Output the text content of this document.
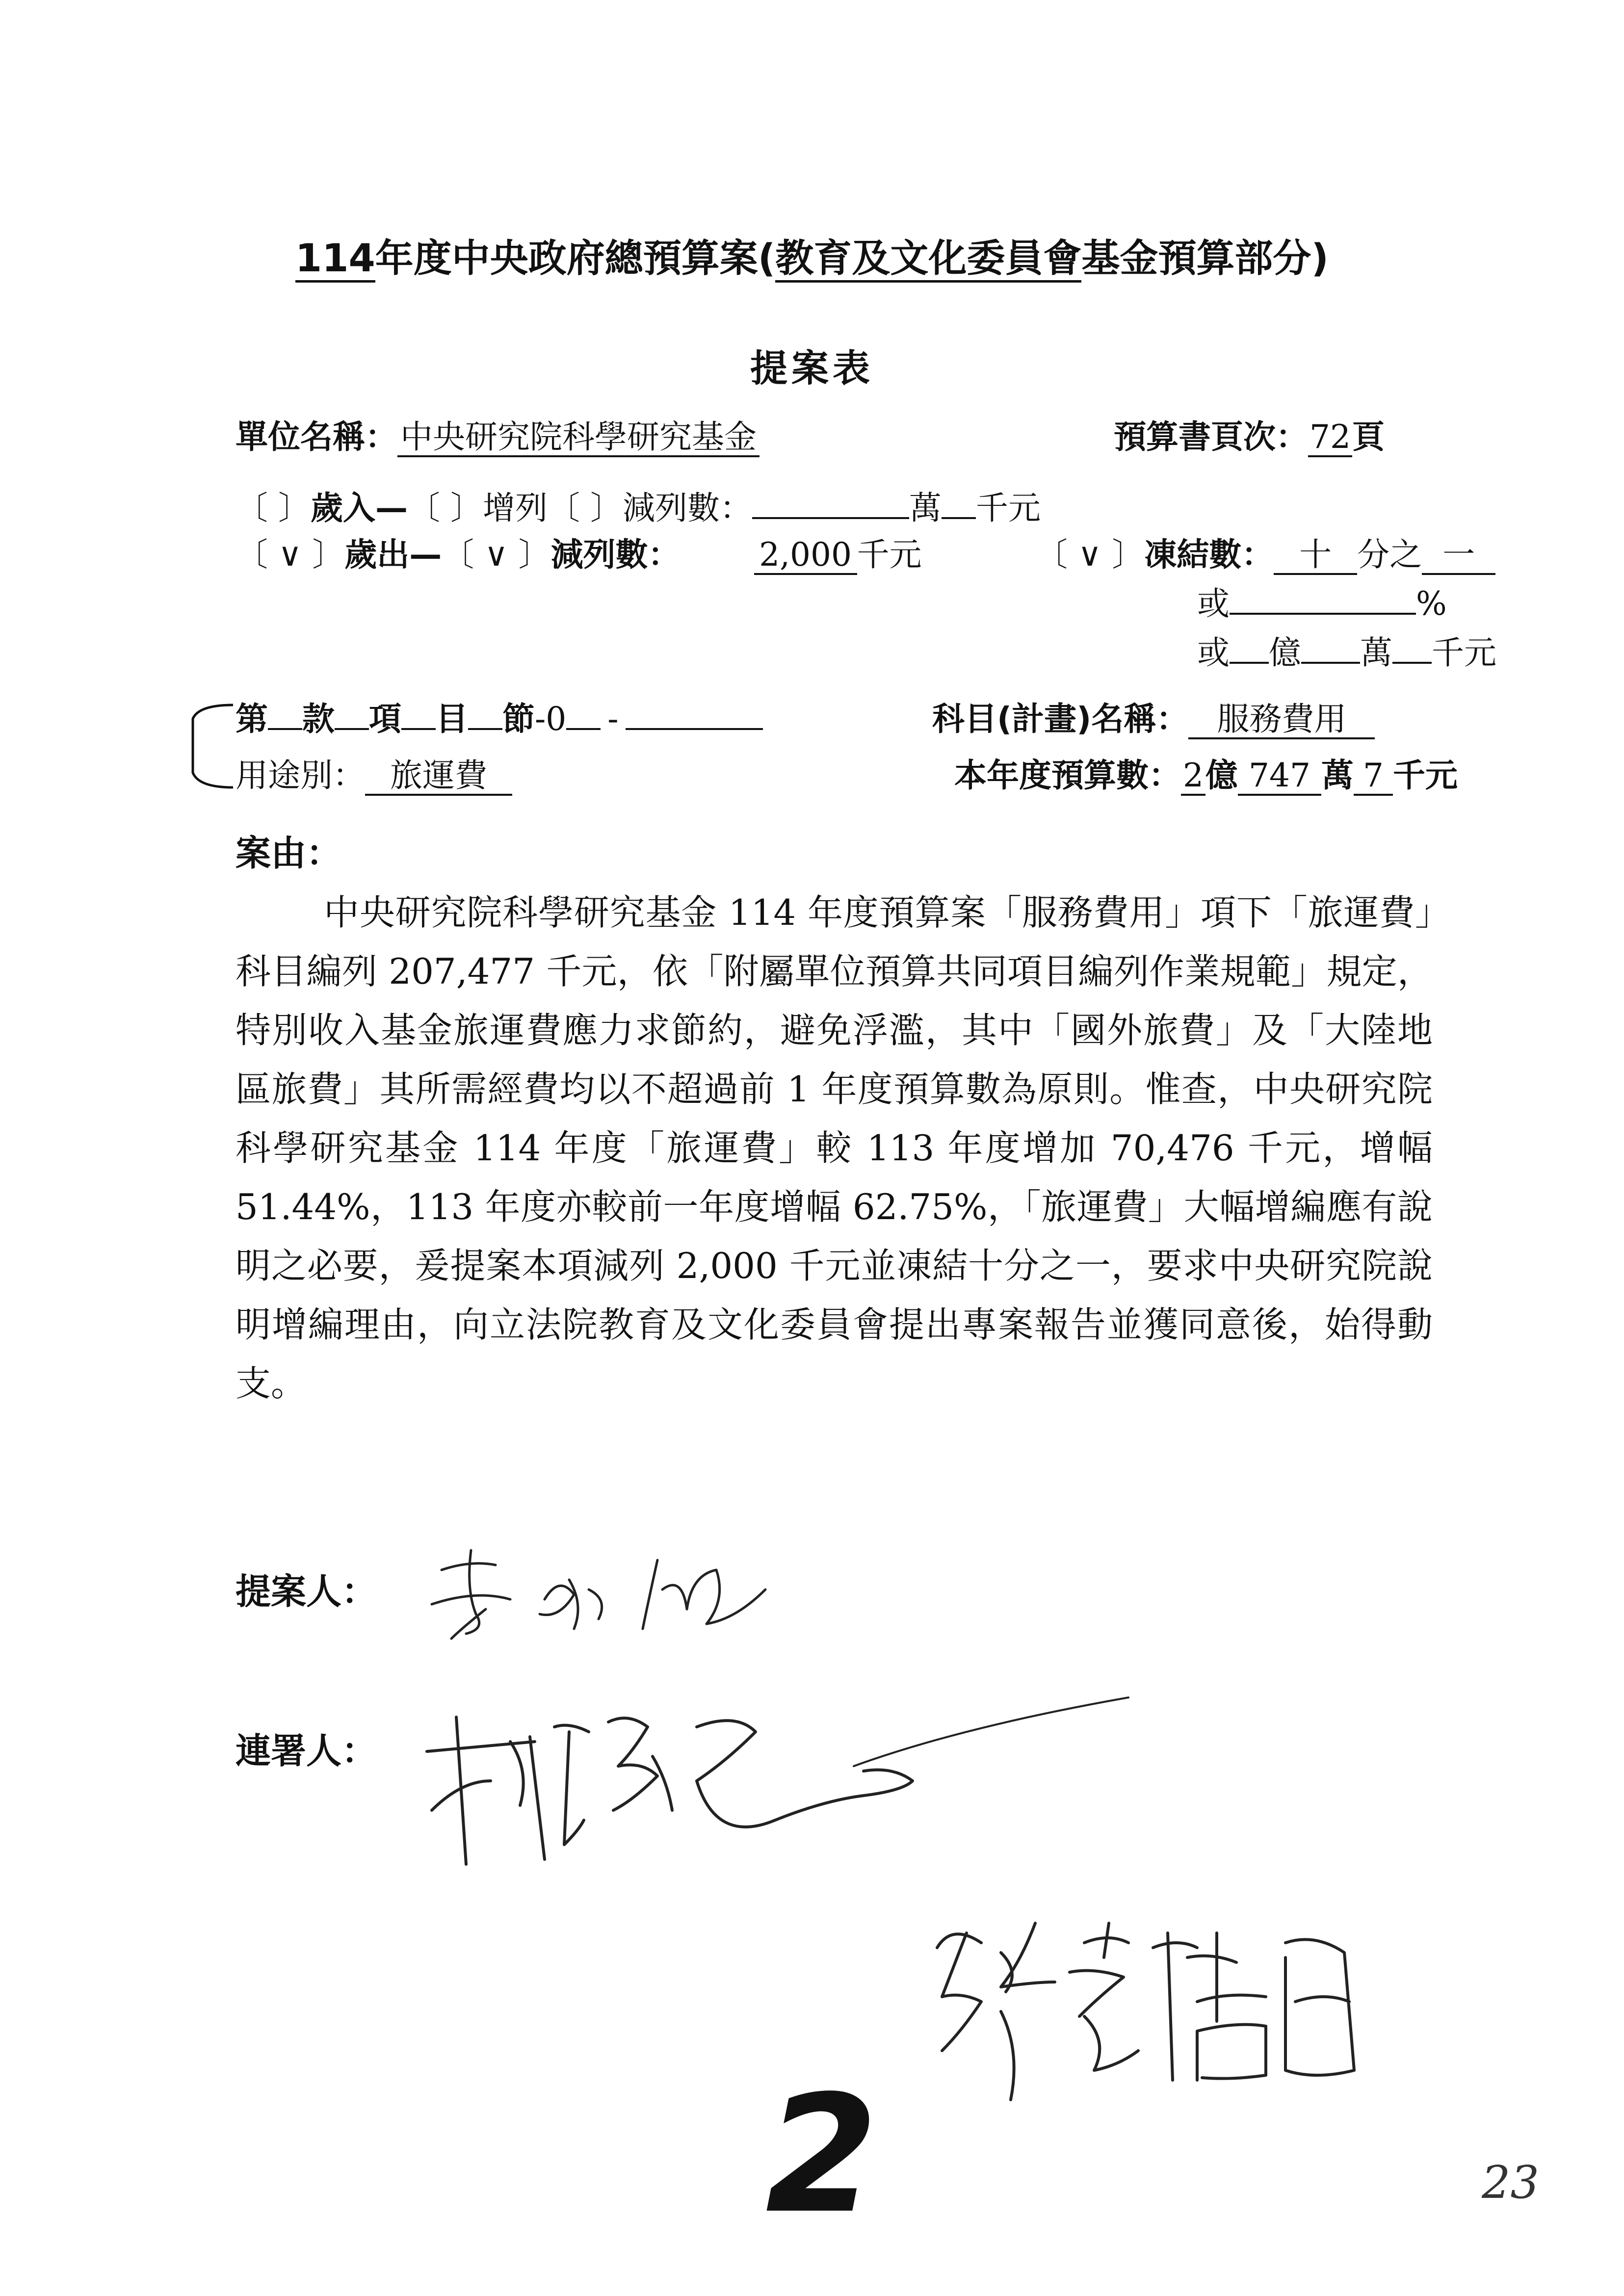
114年度中央政府總預算案(教育及文化委員會基金預算部分)
提案表
單位名稱：中央研究院科學研究基金	預算書頁次：72頁
〔 〕歲入—〔 〕增列〔 〕減列數：	萬 千元
〔 ∨ 〕歲出—〔 ∨ 〕減列數： 2,000 千元	〔 ∨ 〕凍結數： 十 分之 一
或	%
或 億 萬 千元
第 款 項 目 節-0 -	科目(計畫)名稱： 服務費用
用途別： 旅運費	本年度預算數：2億 747 萬 7 千元
案由：

中央研究院科學研究基金 114 年度預算案「服務費用」項下「旅運費」科目編列 207,477 千元，依「附屬單位預算共同項目編列作業規範」規定，特別收入基金旅運費應力求節約，避免浮濫，其中「國外旅費」及「大陸地區旅費」其所需經費均以不超過前 1 年度預算數為原則。惟查，中央研究院科學研究基金 114 年度「旅運費」較 113 年度增加 70,476 千元，增幅 51.44%，113 年度亦較前一年度增幅 62.75%，「旅運費」大幅增編應有說明之必要，爰提案本項減列 2,000 千元並凍結十分之一，要求中央研究院說明增編理由，向立法院教育及文化委員會提出專案報告並獲同意後，始得動支。

提案人：
連署人：
2	23
